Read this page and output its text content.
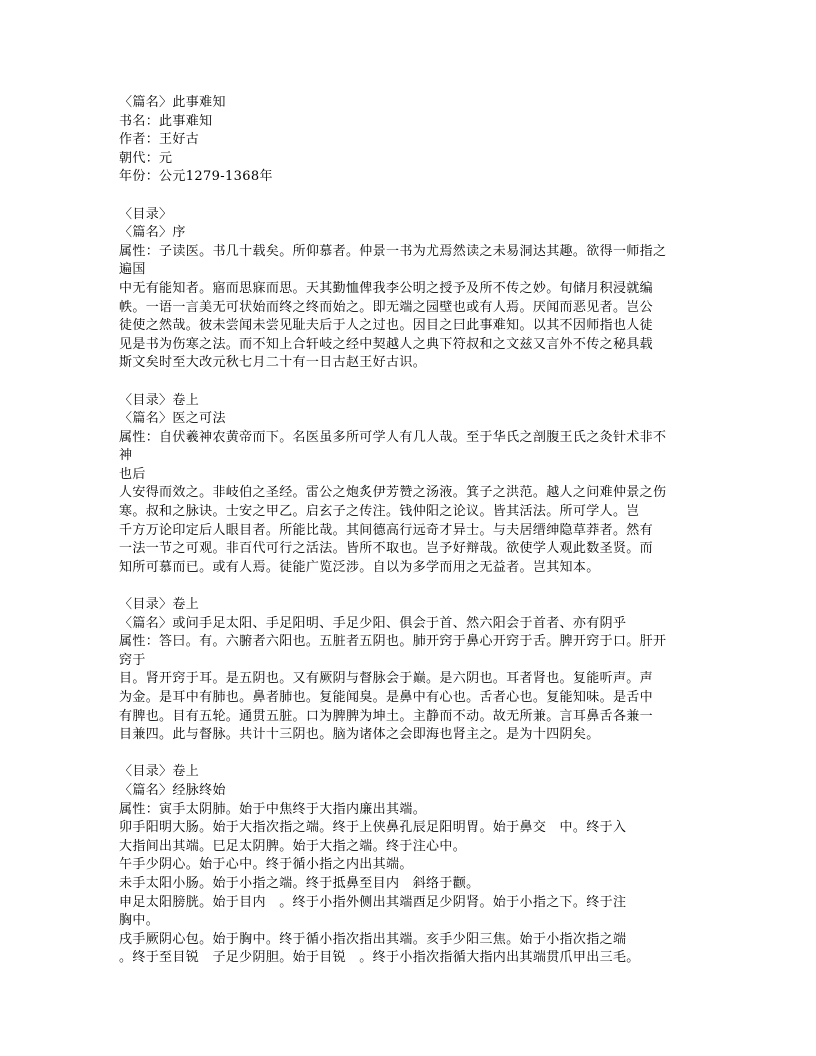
〈篇名〉此事难知
书名：此事难知
作者：王好古
朝代：元
年份：公元1279-1368年
〈目录〉
〈篇名〉序
属性：子读医。书几十载矣。所仰慕者。仲景一书为尤焉然读之未易洞达其趣。欲得一师指之
遍国
中无有能知者。寤而思寐而思。天其勤恤俾我李公明之授予及所不传之妙。旬储月积浸就编
帙。一语一言美无可状始而终之终而始之。即无端之园壁也或有人焉。厌闻而恶见者。岂公
徒使之然哉。彼未尝闻未尝见耻夫后于人之过也。因目之曰此事难知。以其不因师指也人徒
见是书为伤寒之法。而不知上合轩岐之经中契越人之典下符叔和之文兹又言外不传之秘具载
斯文矣时至大改元秋七月二十有一日古赵王好古识。
〈目录〉卷上
〈篇名〉医之可法
属性：自伏羲神农黄帝而下。名医虽多所可学人有几人哉。至于华氏之剖腹王氏之灸针术非不
神
也后
人安得而效之。非岐伯之圣经。雷公之炮炙伊芳赞之汤液。箕子之洪范。越人之问难仲景之伤
寒。叔和之脉诀。士安之甲乙。启玄子之传注。钱仲阳之论议。皆其活法。所可学人。岂
千方万论印定后人眼目者。所能比哉。其间德高行远奇才异士。与夫居缙绅隐草莽者。然有
一法一节之可观。非百代可行之活法。皆所不取也。岂予好辩哉。欲使学人观此数圣贤。而
知所可慕而已。或有人焉。徒能广览泛涉。自以为多学而用之无益者。岂其知本。
〈目录〉卷上
〈篇名〉或问手足太阳、手足阳明、手足少阳、俱会于首、然六阳会于首者、亦有阴乎
属性：答曰。有。六腑者六阳也。五脏者五阴也。肺开窍于鼻心开窍于舌。脾开窍于口。肝开
窍于
目。肾开窍于耳。是五阴也。又有厥阴与督脉会于巅。是六阴也。耳者肾也。复能听声。声
为金。是耳中有肺也。鼻者肺也。复能闻臭。是鼻中有心也。舌者心也。复能知味。是舌中
有脾也。目有五轮。通贯五脏。口为脾脾为坤土。主静而不动。故无所兼。言耳鼻舌各兼一
目兼四。此与督脉。共计十三阴也。脑为诸体之会即海也肾主之。是为十四阴矣。
〈目录〉卷上
〈篇名〉经脉终始
属性：寅手太阴肺。始于中焦终于大指内廉出其端。
卯手阳明大肠。始于大指次指之端。终于上侠鼻孔辰足阳明胃。始于鼻交　中。终于入
大指间出其端。巳足太阴脾。始于大指之端。终于注心中。
午手少阴心。始于心中。终于循小指之内出其端。
未手太阳小肠。始于小指之端。终于抵鼻至目内　斜络于颧。
申足太阳膀胱。始于目内　。终于小指外侧出其端酉足少阴肾。始于小指之下。终于注
胸中。
戌手厥阴心包。始于胸中。终于循小指次指出其端。亥手少阳三焦。始于小指次指之端
。终于至目锐　子足少阴胆。始于目锐　。终于小指次指循大指内出其端贯爪甲出三毛。
